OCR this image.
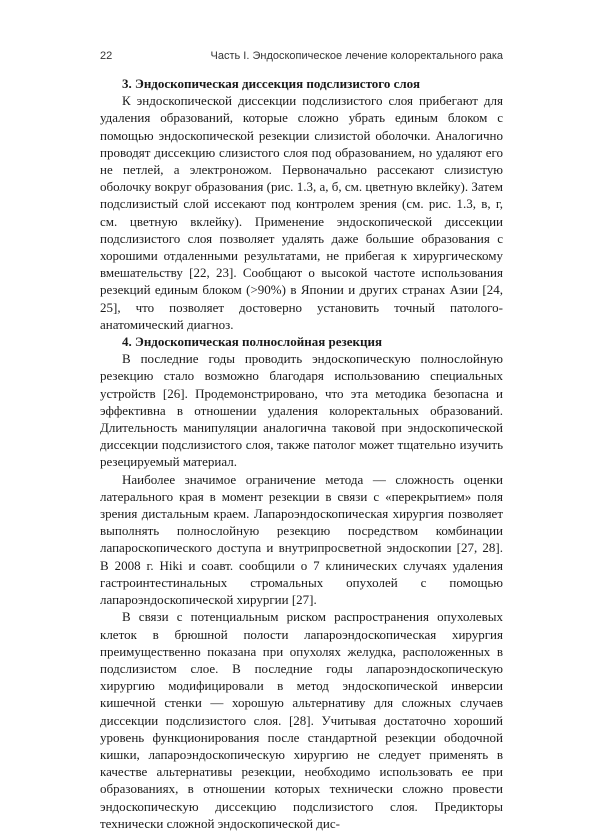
22	Часть I. Эндоскопическое лечение колоректального рака
3. Эндоскопическая диссекция подслизистого слоя

К эндоскопической диссекции подслизистого слоя прибегают для удаления образований, которые сложно убрать единым блоком с помощью эндоскопической резекции слизистой оболочки. Аналогично проводят диссекцию слизистого слоя под образованием, но удаляют его не петлей, а электроножом. Первоначально рассекают слизистую оболочку вокруг образования (рис. 1.3, а, б, см. цветную вклейку). Затем подслизистый слой иссекают под контролем зрения (см. рис. 1.3, в, г, см. цветную вклейку). Применение эндоскопической диссекции подслизистого слоя позволяет удалять даже большие образования с хорошими отдаленными результатами, не прибегая к хирургическому вмешательству [22, 23]. Сообщают о высокой частоте использования резекций единым блоком (>90%) в Японии и других странах Азии [24, 25], что позволяет достоверно установить точный патолого-анатомический диагноз.

4. Эндоскопическая полнослойная резекция

В последние годы проводить эндоскопическую полнослойную резекцию стало возможно благодаря использованию специальных устройств [26]. Продемонстрировано, что эта методика безопасна и эффективна в отношении удаления колоректальных образований. Длительность манипуляции аналогична таковой при эндоскопической диссекции подслизистого слоя, также патолог может тщательно изучить резецируемый материал.

Наиболее значимое ограничение метода — сложность оценки латерального края в момент резекции в связи с «перекрытием» поля зрения дистальным краем. Лапароэндоскопическая хирургия позволяет выполнять полнослойную резекцию посредством комбинации лапароскопического доступа и внутрипросветной эндоскопии [27, 28]. В 2008 г. Hiki и соавт. сообщили о 7 клинических случаях удаления гастроинтестинальных стромальных опухолей с помощью лапароэндоскопической хирургии [27].

В связи с потенциальным риском распространения опухолевых клеток в брюшной полости лапароэндоскопическая хирургия преимущественно показана при опухолях желудка, расположенных в подслизистом слое. В последние годы лапароэндоскопическую хирургию модифицировали в метод эндоскопической инверсии кишечной стенки — хорошую альтернативу для сложных случаев диссекции подслизистого слоя. [28]. Учитывая достаточно хороший уровень функционирования после стандартной резекции ободочной кишки, лапароэндоскопическую хирургию не следует применять в качестве альтернативы резекции, необходимо использовать ее при образованиях, в отношении которых технически сложно провести эндоскопическую диссекцию подслизистого слоя. Предикторы технически сложной эндоскопической дис-
